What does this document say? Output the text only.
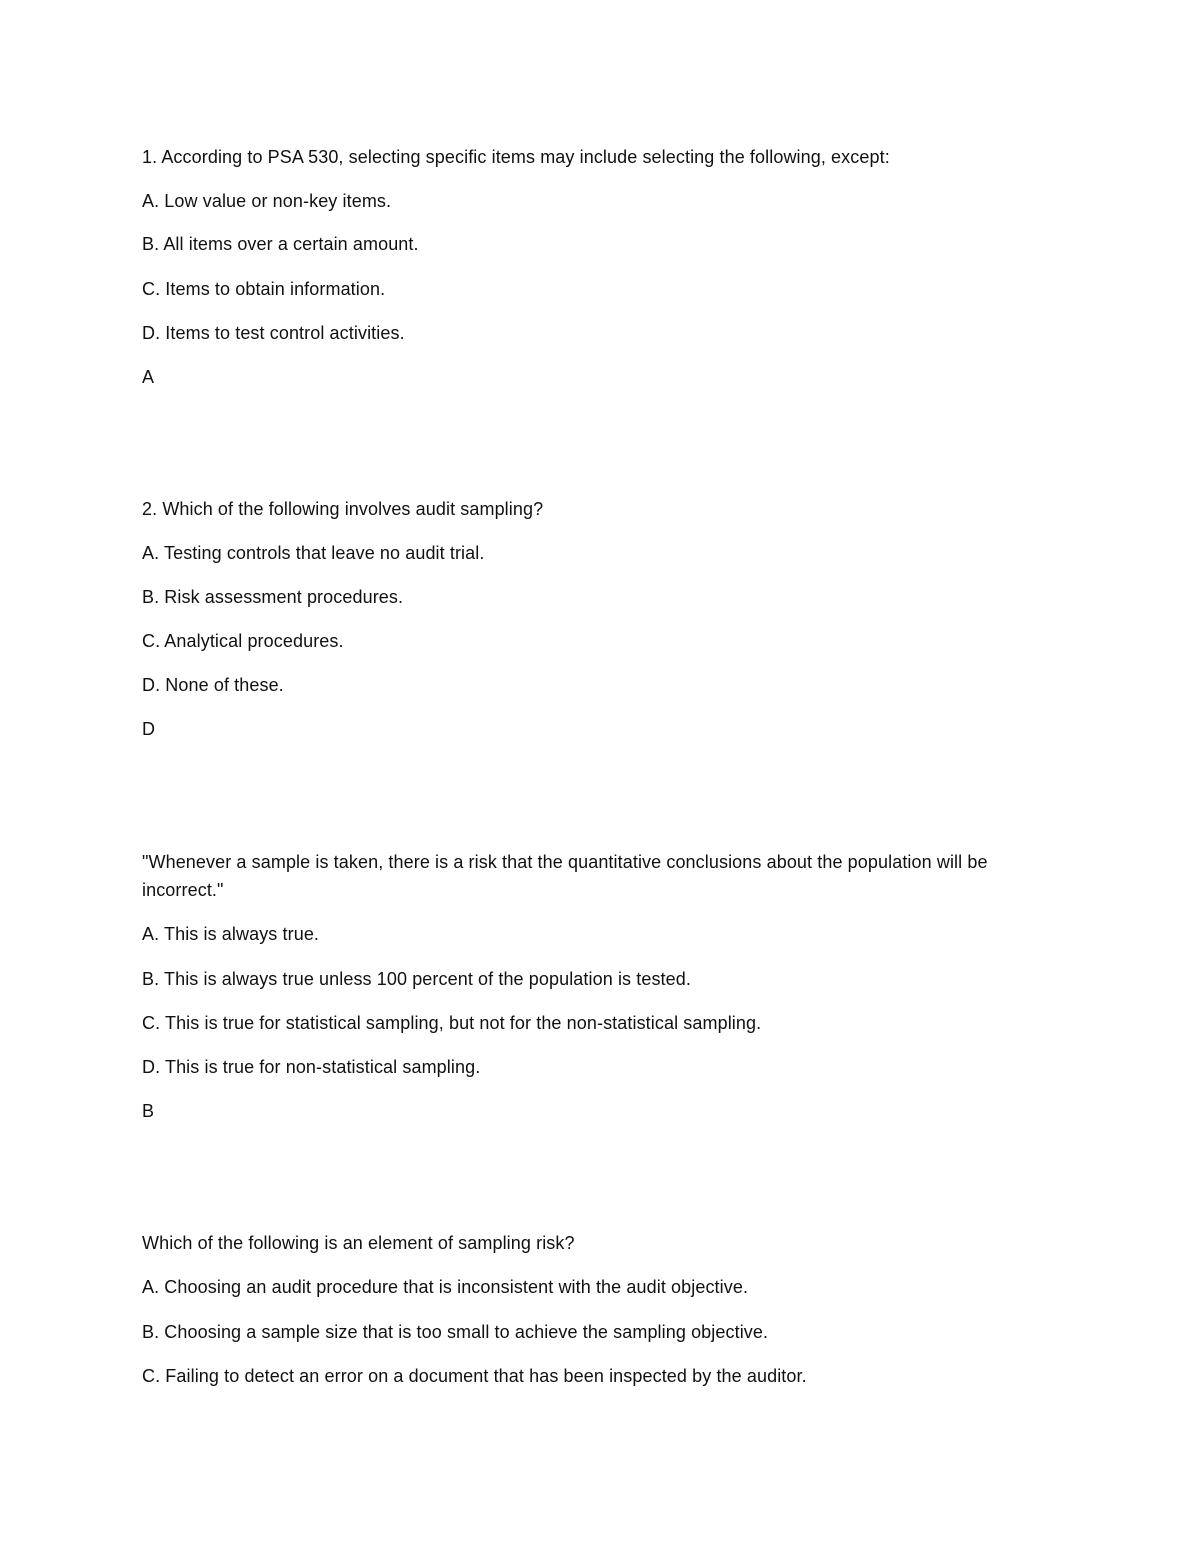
1. According to PSA 530, selecting specific items may include selecting the following, except:
A. Low value or non-key items.
B. All items over a certain amount.
C. Items to obtain information.
D. Items to test control activities.
A
2. Which of the following involves audit sampling?
A. Testing controls that leave no audit trial.
B. Risk assessment procedures.
C. Analytical procedures.
D. None of these.
D
"Whenever a sample is taken, there is a risk that the quantitative conclusions about the population will be incorrect."
A. This is always true.
B. This is always true unless 100 percent of the population is tested.
C. This is true for statistical sampling, but not for the non-statistical sampling.
D. This is true for non-statistical sampling.
B
Which of the following is an element of sampling risk?
A. Choosing an audit procedure that is inconsistent with the audit objective.
B. Choosing a sample size that is too small to achieve the sampling objective.
C. Failing to detect an error on a document that has been inspected by the auditor.
